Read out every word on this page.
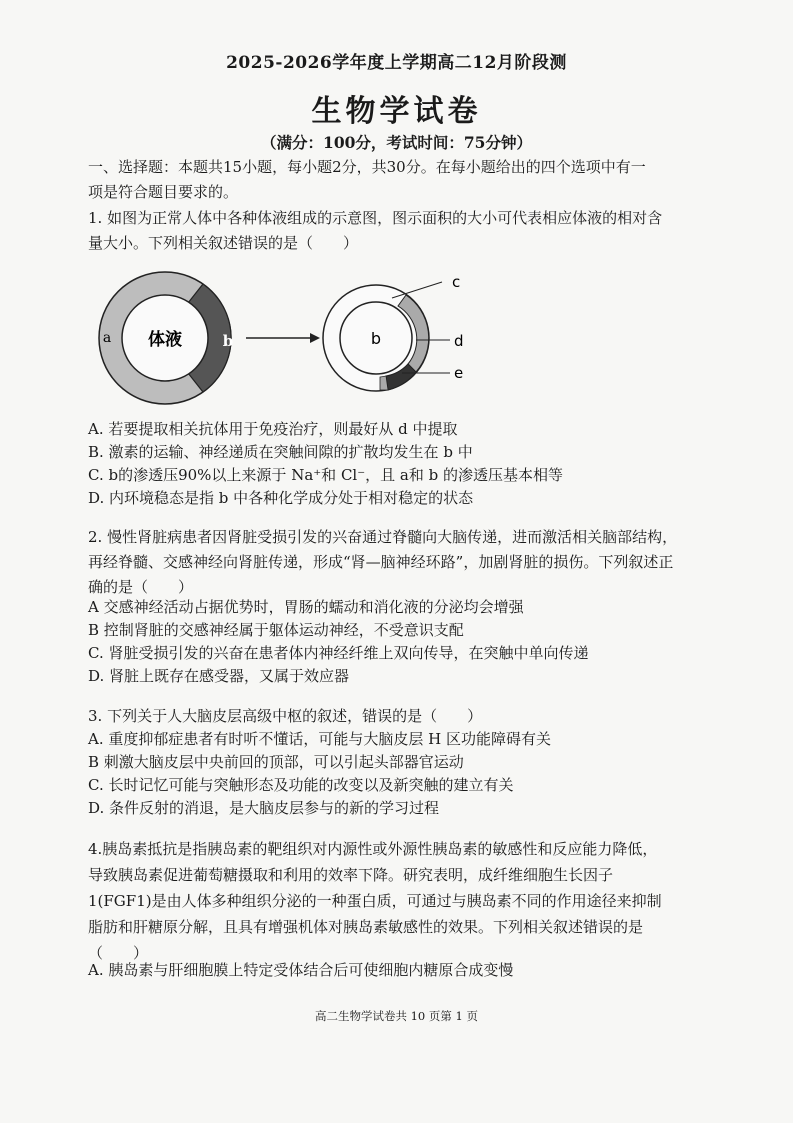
2025-2026学年度上学期高二12月阶段测
生物学试卷
（满分：100分，考试时间：75分钟）
一、选择题：本题共15小题，每小题2分，共30分。在每小题给出的四个选项中有一
项是符合题目要求的。
1. 如图为正常人体中各种体液组成的示意图，图示面积的大小可代表相应体液的相对含
量大小。下列相关叙述错误的是（　　）
体液
a	b	b
c
d
e
A. 若要提取相关抗体用于免疫治疗，则最好从 d 中提取
B. 激素的运输、神经递质在突触间隙的扩散均发生在 b 中
C. b的渗透压90%以上来源于 Na⁺和 Cl⁻，且 a和 b 的渗透压基本相等
D. 内环境稳态是指 b 中各种化学成分处于相对稳定的状态
2. 慢性肾脏病患者因肾脏受损引发的兴奋通过脊髓向大脑传递，进而激活相关脑部结构，
再经脊髓、交感神经向肾脏传递，形成“肾—脑神经环路”，加剧肾脏的损伤。下列叙述正
确的是（　　）
A 交感神经活动占据优势时，胃肠的蠕动和消化液的分泌均会增强
B 控制肾脏的交感神经属于躯体运动神经，不受意识支配
C. 肾脏受损引发的兴奋在患者体内神经纤维上双向传导，在突触中单向传递
D. 肾脏上既存在感受器，又属于效应器
3. 下列关于人大脑皮层高级中枢的叙述，错误的是（　　）
A. 重度抑郁症患者有时听不懂话，可能与大脑皮层 H 区功能障碍有关
B 刺激大脑皮层中央前回的顶部，可以引起头部器官运动
C. 长时记忆可能与突触形态及功能的改变以及新突触的建立有关
D. 条件反射的消退，是大脑皮层参与的新的学习过程
4.胰岛素抵抗是指胰岛素的靶组织对内源性或外源性胰岛素的敏感性和反应能力降低，
导致胰岛素促进葡萄糖摄取和利用的效率下降。研究表明，成纤维细胞生长因子
1(FGF1)是由人体多种组织分泌的一种蛋白质，可通过与胰岛素不同的作用途径来抑制
脂肪和肝糖原分解，且具有增强机体对胰岛素敏感性的效果。下列相关叙述错误的是
（　　）
A. 胰岛素与肝细胞膜上特定受体结合后可使细胞内糖原合成变慢
高二生物学试卷共 10 页第 1 页
